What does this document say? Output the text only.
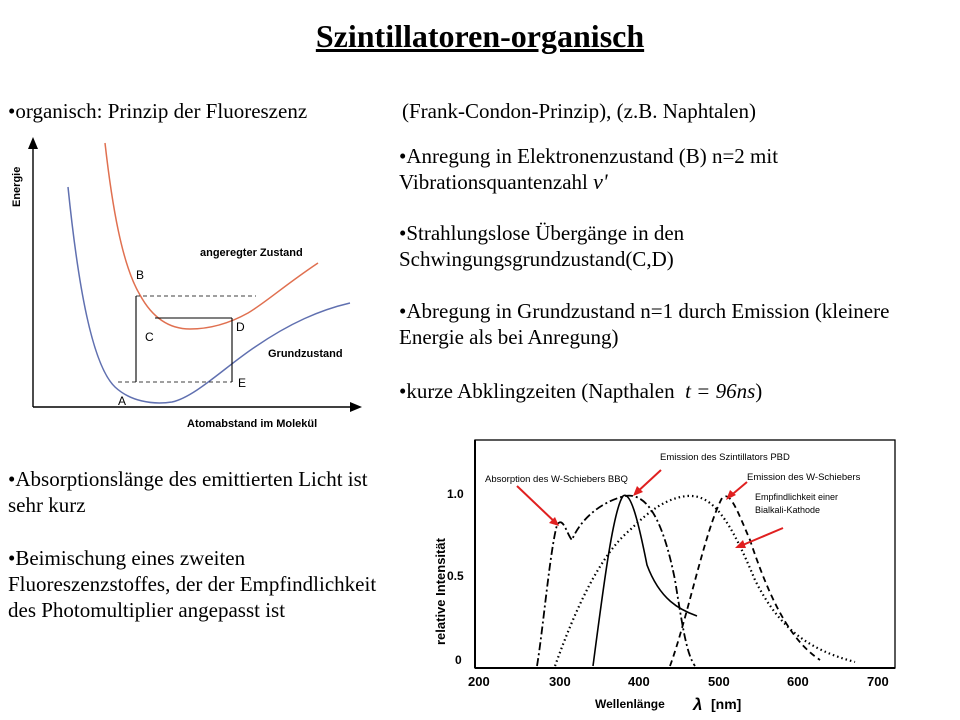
Szintillatoren-organisch
• organisch: Prinzip der Fluoreszenz	(Frank-Condon-Prinzip), (z.B. Naphtalen)
• Anregung in Elektronenzustand (B) n=2 mit Vibrationsquantenzahl ν'
• Strahlungslose Übergänge in den Schwingungsgrundzustand(C,D)
• Abregung in Grundzustand n=1 durch Emission (kleinere Energie als bei Anregung)
• kurze Abklingzeiten (Napthalen t = 96ns)
• Absorptionslänge des emittierten Licht ist sehr kurz
• Beimischung eines zweiten Fluoreszenzstoffes, der der Empfindlichkeit des Photomultiplier angepasst ist
Energie
Atomabstand im Molekül
A
B
C
D
E
angeregter Zustand
Grundzustand
relative Intensität
0
0.5
1.0
200	300	400	500	600	700
Wellenlänge λ [nm]
Absorption des W-Schiebers BBQ
Emission des Szintillators PBD
Emission des W-Schiebers
Empfindlichkeit einer
Bialkali-Kathode
